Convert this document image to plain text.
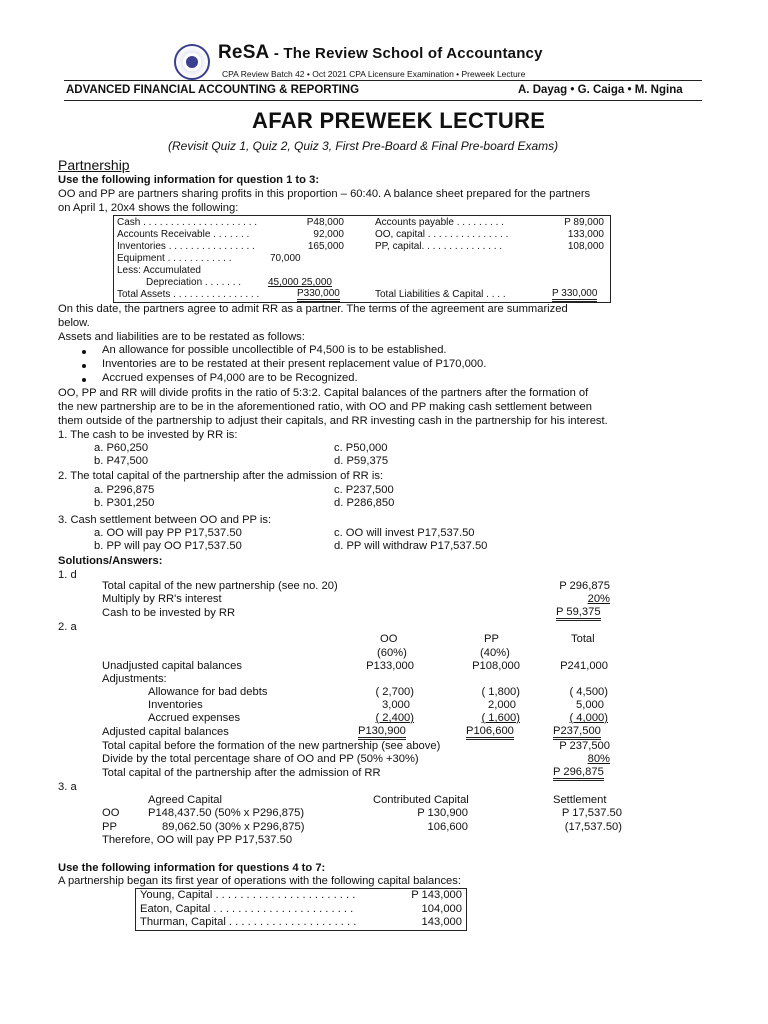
ReSA - The Review School of Accountancy
CPA Review Batch 42 • Oct 2021 CPA Licensure Examination • Preweek Lecture
ADVANCED FINANCIAL ACCOUNTING & REPORTING	A. Dayag • G. Caiga • M. Ngina
AFAR PREWEEK LECTURE
(Revisit Quiz 1, Quiz 2, Quiz 3, First Pre-Board & Final Pre-board Exams)
Partnership
Use the following information for question 1 to 3:
OO and PP are partners sharing profits in this proportion – 60:40. A balance sheet prepared for the partners
on April 1, 20x4 shows the following:
Cash . . . . . . . . . . . . . . . . . . . . .	P48,000
Accounts Receivable . . . . . . .	92,000
Inventories . . . . . . . . . . . . . . . .	165,000
Equipment . . . . . . . . . . . .	70,000
Less: Accumulated
Depreciation . . . . . . .	45,000 25,000
Total Assets . . . . . . . . . . . . . . . .	P330,000
Accounts payable . . . . . . . . .	P 89,000
OO, capital . . . . . . . . . . . . . . .	133,000
PP, capital. . . . . . . . . . . . . . .	108,000
Total Liabilities & Capital . . . .	P 330,000
On this date, the partners agree to admit RR as a partner. The terms of the agreement are summarized
below.
Assets and liabilities are to be restated as follows:
An allowance for possible uncollectible of P4,500 is to be established.
Inventories are to be restated at their present replacement value of P170,000.
Accrued expenses of P4,000 are to be Recognized.
OO, PP and RR will divide profits in the ratio of 5:3:2. Capital balances of the partners after the formation of
the new partnership are to be in the aforementioned ratio, with OO and PP making cash settlement between
them outside of the partnership to adjust their capitals, and RR investing cash in the partnership for his interest.
1. The cash to be invested by RR is:
a. P60,250	c. P50,000
b. P47,500	d. P59,375
2. The total capital of the partnership after the admission of RR is:
a. P296,875	c. P237,500
b. P301,250	d. P286,850
3. Cash settlement between OO and PP is:
a. OO will pay PP P17,537.50	c. OO will invest P17,537.50
b. PP will pay OO P17,537.50	d. PP will withdraw P17,537.50
Solutions/Answers:
1. d
Total capital of the new partnership (see no. 20)	P 296,875
Multiply by RR's interest	20%
Cash to be invested by RR	P 59,375
2. a
OO	PP	Total
(60%)	(40%)
Unadjusted capital balances	P133,000	P108,000	P241,000
Adjustments:
Allowance for bad debts	( 2,700)	( 1,800)	( 4,500)
Inventories	3,000	2,000	5,000
Accrued expenses	( 2,400)	( 1,600)	( 4,000)
Adjusted capital balances	P130,900	P106,600	P237,500
Total capital before the formation of the new partnership (see above)	P 237,500
Divide by the total percentage share of OO and PP (50% +30%)	80%
Total capital of the partnership after the admission of RR	P 296,875
3. a
Agreed Capital	Contributed Capital	Settlement
OO	P148,437.50 (50% x P296,875)	P 130,900	P 17,537.50
PP	89,062.50 (30% x P296,875)	106,600	(17,537.50)
Therefore, OO will pay PP P17,537.50
Use the following information for questions 4 to 7:
A partnership began its first year of operations with the following capital balances:
Young, Capital . . . . . . . . . . . . . . . . . . . . . . .	P 143,000
Eaton, Capital . . . . . . . . . . . . . . . . . . . . . . .	104,000
Thurman, Capital . . . . . . . . . . . . . . . . . . . . .	143,000
